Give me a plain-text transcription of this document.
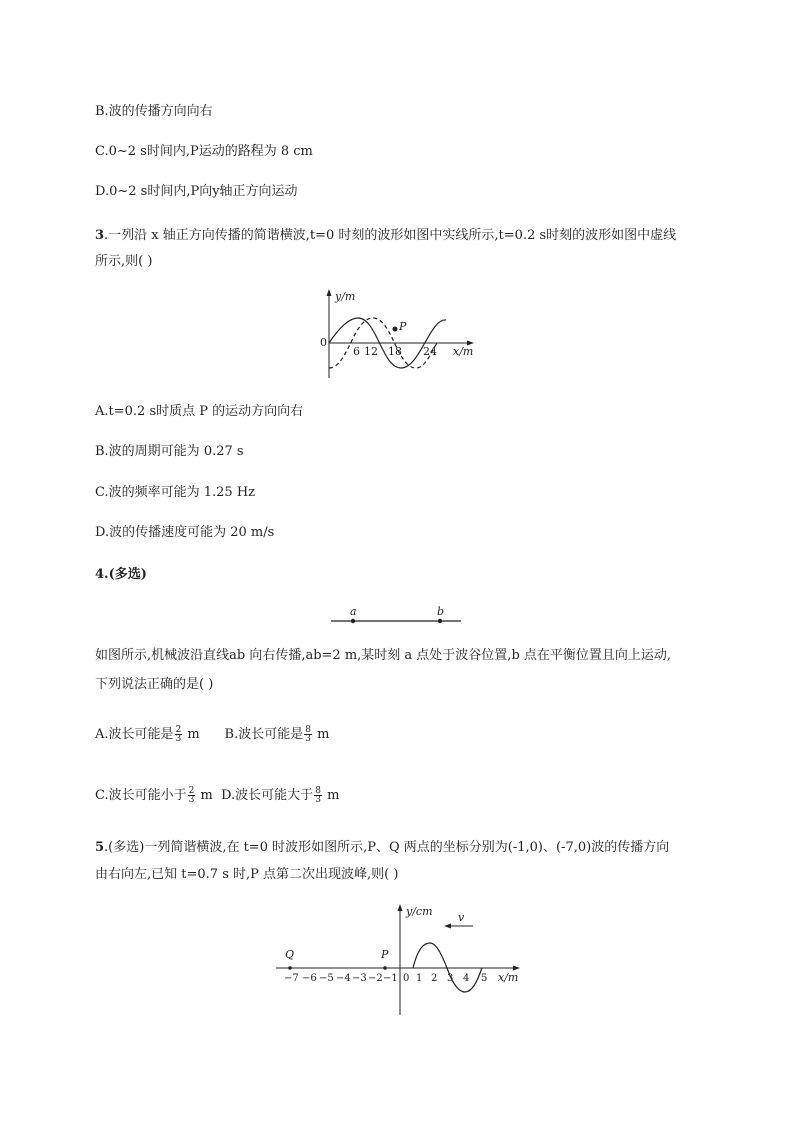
B.波的传播方向向右
C.0~2 s时间内,P运动的路程为 8 cm
D.0~2 s时间内,P向y轴正方向运动
3.一列沿 x 轴正方向传播的简谐横波,t=0 时刻的波形如图中实线所示,t=0.2 s时刻的波形如图中虚线
所示,则( )
P
y/m
x/m
0
6 12 18 24
A.t=0.2 s时质点 P 的运动方向向右
B.波的周期可能为 0.27 s
C.波的频率可能为 1.25 Hz
D.波的传播速度可能为 20 m/s
4.(多选)
a	b
如图所示,机械波沿直线ab 向右传播,ab=2 m,某时刻 a 点处于波谷位置,b 点在平衡位置且向上运动,
下列说法正确的是( )
A.波长可能是 $\frac{2}{3}$ m B.波长可能是 $\frac{8}{3}$ m
C.波长可能小于 $\frac{2}{3}$ m D.波长可能大于 $\frac{8}{3}$ m
5.(多选)一列简谐横波,在 t=0 时波形如图所示,P、Q 两点的坐标分别为(-1,0)、(-7,0)波的传播方向
由右向左,已知 t=0.7 s 时,P 点第二次出现波峰,则( )
v
Q	P
y/cm
x/m
0
−7 −6 −5 −4 −3 −2 −1 1 2 3 4 5
